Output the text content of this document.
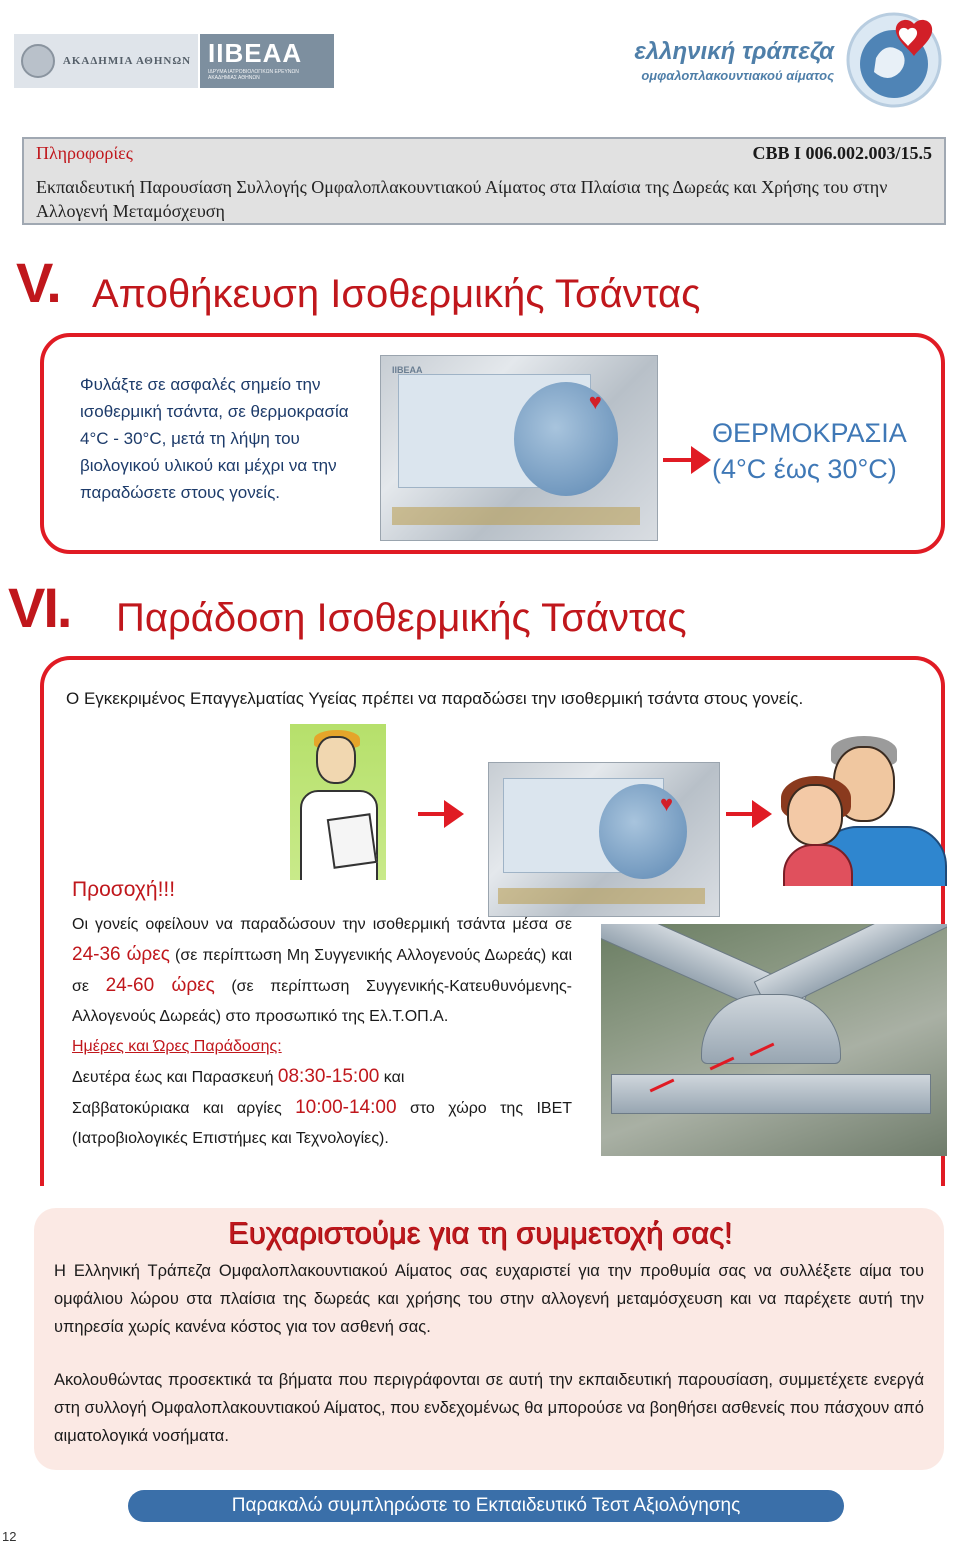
ΑΚΑΔΗΜΙΑ ΑΘΗΝΩΝ IIBEAA
ΙΔΡΥΜΑ ΙΑΤΡΟΒΙΟΛΟΓΙΚΩΝ ΕΡΕΥΝΩΝ ΑΚΑΔΗΜΙΑΣ ΑΘΗΝΩΝ
ελληνική τράπεζα
ομφαλοπλακουντιακού αίματος
Πληροφορίες	CBB I 006.002.003/15.5
Εκπαιδευτική Παρουσίαση Συλλογής Ομφαλοπλακουντιακού Αίματος στα Πλαίσια της Δωρεάς και Χρήσης του στην Αλλογενή Μεταμόσχευση
V. Αποθήκευση Ισοθερμικής Τσάντας
Φυλάξτε σε ασφαλές σημείο την ισοθερμική τσάντα, σε θερμοκρασία 4°C - 30°C, μετά τη λήψη του βιολογικού υλικού και μέχρι να την παραδώσετε στους γονείς.
IIBEAA
♥
ΘΕΡΜΟΚΡΑΣΙΑ
(4°C έως 30°C)
VI. Παράδοση Ισοθερμικής Τσάντας
Ο Εγκεκριμένος Επαγγελματίας Υγείας πρέπει να παραδώσει την ισοθερμική τσάντα στους γονείς.
♥
Προσοχή!!!
Οι γονείς οφείλουν να παραδώσουν την ισοθερμική τσάντα μέσα σε 24-36 ώρες (σε περίπτωση Μη Συγγενικής Αλλογενούς Δωρεάς) και σε 24-60 ώρες (σε περίπτωση Συγγενικής-Κατευθυνόμενης-Αλλογενούς Δωρεάς) στο προσωπικό της Ελ.Τ.ΟΠ.Α.
Ημέρες και Ώρες Παράδοσης:
Δευτέρα έως και Παρασκευή 08:30-15:00 και
Σαββατοκύριακα και αργίες 10:00-14:00 στο χώρο της ΙΒΕΤ (Ιατροβιολογικές Επιστήμες και Τεχνολογίες).
Ευχαριστούμε για τη συμμετοχή σας!
Η Ελληνική Τράπεζα Ομφαλοπλακουντιακού Αίματος σας ευχαριστεί για την προθυμία σας να συλλέξετε αίμα του ομφάλιου λώρου στα πλαίσια της δωρεάς και χρήσης του στην αλλογενή μεταμόσχευση και να παρέχετε αυτή την υπηρεσία χωρίς κανένα κόστος για τον ασθενή σας.
Ακολουθώντας προσεκτικά τα βήματα που περιγράφονται σε αυτή την εκπαιδευτική παρουσίαση, συμμετέχετε ενεργά στη συλλογή Ομφαλοπλακουντιακού Αίματος, που ενδεχομένως θα μπορούσε να βοηθήσει ασθενείς που πάσχουν από αιματολογικά νοσήματα.
Παρακαλώ συμπληρώστε το Εκπαιδευτικό Τεστ Αξιολόγησης
12
